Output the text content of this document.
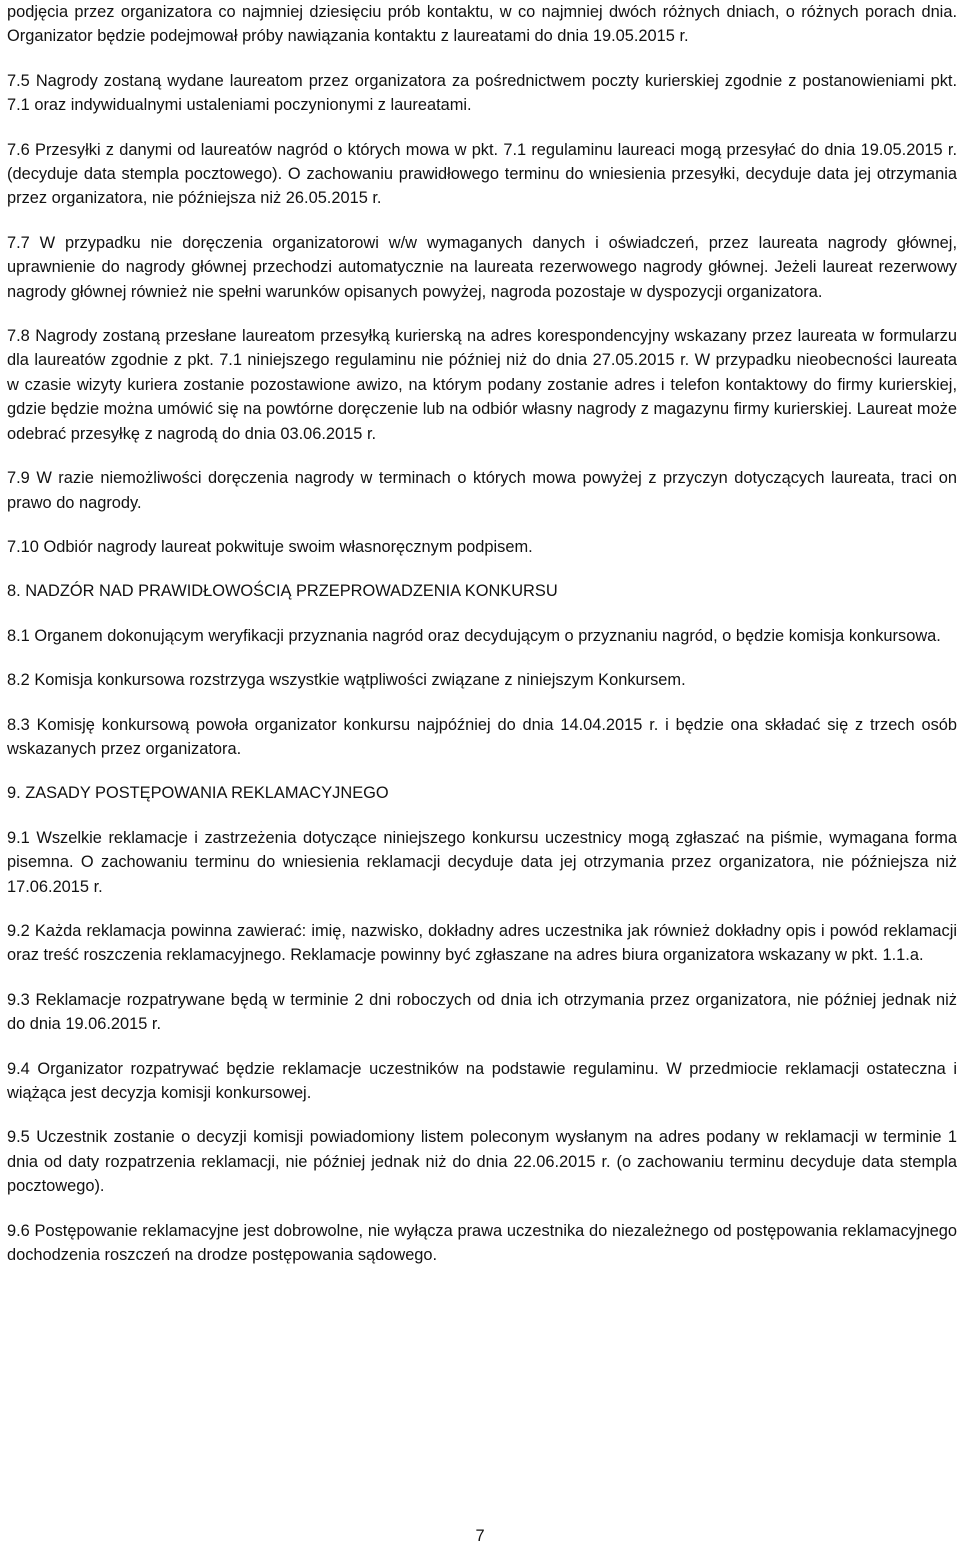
podjęcia przez organizatora co najmniej dziesięciu prób kontaktu, w co najmniej dwóch różnych dniach, o różnych porach dnia. Organizator będzie podejmował próby nawiązania kontaktu z laureatami do dnia 19.05.2015 r.

7.5 Nagrody zostaną wydane laureatom przez organizatora za pośrednictwem poczty kurierskiej zgodnie z postanowieniami pkt. 7.1 oraz indywidualnymi ustaleniami poczynionymi z laureatami.

7.6 Przesyłki z danymi od laureatów nagród o których mowa w pkt. 7.1 regulaminu laureaci mogą przesyłać do dnia 19.05.2015 r. (decyduje data stempla pocztowego). O zachowaniu prawidłowego terminu do wniesienia przesyłki, decyduje data jej otrzymania przez organizatora, nie późniejsza niż 26.05.2015 r.

7.7 W przypadku nie doręczenia organizatorowi w/w wymaganych danych i oświadczeń, przez laureata nagrody głównej, uprawnienie do nagrody głównej przechodzi automatycznie na laureata rezerwowego nagrody głównej. Jeżeli laureat rezerwowy nagrody głównej również nie spełni warunków opisanych powyżej, nagroda pozostaje w dyspozycji organizatora.

7.8 Nagrody zostaną przesłane laureatom przesyłką kurierską na adres korespondencyjny wskazany przez laureata w formularzu dla laureatów zgodnie z pkt. 7.1 niniejszego regulaminu nie później niż do dnia 27.05.2015 r. W przypadku nieobecności laureata w czasie wizyty kuriera zostanie pozostawione awizo, na którym podany zostanie adres i telefon kontaktowy do firmy kurierskiej, gdzie będzie można umówić się na powtórne doręczenie lub na odbiór własny nagrody z magazynu firmy kurierskiej. Laureat może odebrać przesyłkę z nagrodą do dnia 03.06.2015 r.

7.9 W razie niemożliwości doręczenia nagrody w terminach o których mowa powyżej z przyczyn dotyczących laureata, traci on prawo do nagrody.

7.10 Odbiór nagrody laureat pokwituje swoim własnoręcznym podpisem.

8. NADZÓR NAD PRAWIDŁOWOŚCIĄ PRZEPROWADZENIA KONKURSU

8.1 Organem dokonującym weryfikacji przyznania nagród oraz decydującym o przyznaniu nagród, o będzie komisja konkursowa.

8.2 Komisja konkursowa rozstrzyga wszystkie wątpliwości związane z niniejszym Konkursem.

8.3 Komisję konkursową powoła organizator konkursu najpóźniej do dnia 14.04.2015 r. i będzie ona składać się z trzech osób wskazanych przez organizatora.

9. ZASADY POSTĘPOWANIA REKLAMACYJNEGO

9.1 Wszelkie reklamacje i zastrzeżenia dotyczące niniejszego konkursu uczestnicy mogą zgłaszać na piśmie, wymagana forma pisemna. O zachowaniu terminu do wniesienia reklamacji decyduje data jej otrzymania przez organizatora, nie późniejsza niż 17.06.2015 r.

9.2 Każda reklamacja powinna zawierać: imię, nazwisko, dokładny adres uczestnika jak również dokładny opis i powód reklamacji oraz treść roszczenia reklamacyjnego. Reklamacje powinny być zgłaszane na adres biura organizatora wskazany w pkt. 1.1.a.

9.3 Reklamacje rozpatrywane będą w terminie 2 dni roboczych od dnia ich otrzymania przez organizatora, nie później jednak niż do dnia 19.06.2015 r.

9.4 Organizator rozpatrywać będzie reklamacje uczestników na podstawie regulaminu. W przedmiocie reklamacji ostateczna i wiążąca jest decyzja komisji konkursowej.

9.5 Uczestnik zostanie o decyzji komisji powiadomiony listem poleconym wysłanym na adres podany w reklamacji w terminie 1 dnia od daty rozpatrzenia reklamacji, nie później jednak niż do dnia 22.06.2015 r. (o zachowaniu terminu decyduje data stempla pocztowego).

9.6 Postępowanie reklamacyjne jest dobrowolne, nie wyłącza prawa uczestnika do niezależnego od postępowania reklamacyjnego dochodzenia roszczeń na drodze postępowania sądowego.

7
